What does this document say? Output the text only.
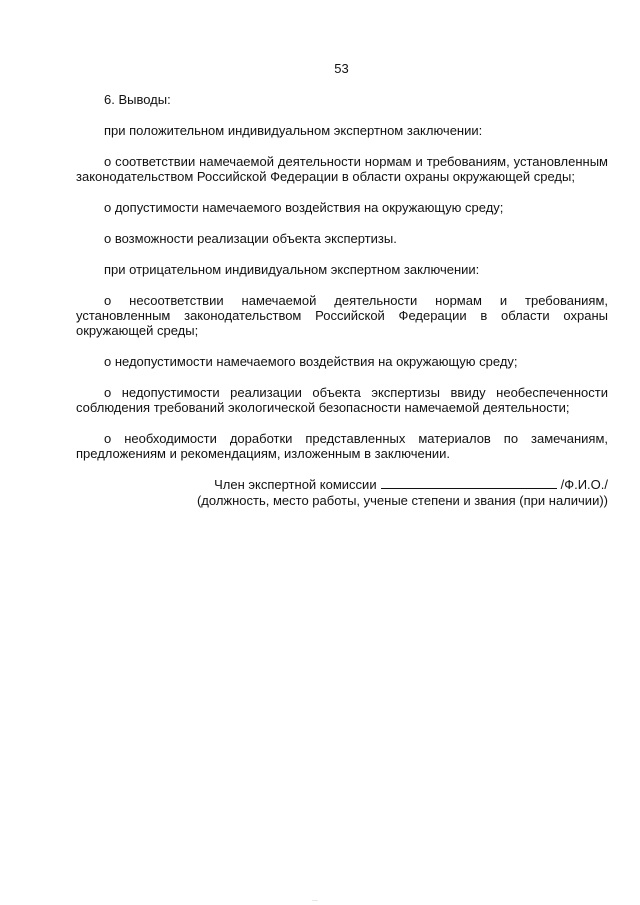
53

6. Выводы:

при положительном индивидуальном экспертном заключении:

о соответствии намечаемой деятельности нормам и требованиям, установленным законодательством Российской Федерации в области охраны окружающей среды;

о допустимости намечаемого воздействия на окружающую среду;

о возможности реализации объекта экспертизы.

при отрицательном индивидуальном экспертном заключении:

о несоответствии намечаемой деятельности нормам и требованиям, установленным законодательством Российской Федерации в области охраны окружающей среды;

о недопустимости намечаемого воздействия на окружающую среду;

о недопустимости реализации объекта экспертизы ввиду необеспеченности соблюдения требований экологической безопасности намечаемой деятельности;

о необходимости доработки представленных материалов по замечаниям, предложениям и рекомендациям, изложенным в заключении.

Член экспертной комиссии	/Ф.И.О./
(должность, место работы, ученые степени и звания (при наличии))
...
